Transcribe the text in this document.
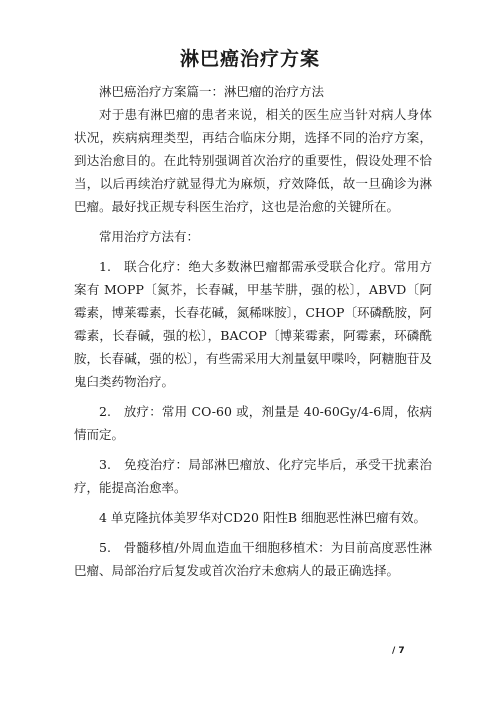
淋巴癌治疗方案

淋巴癌治疗方案篇一：淋巴瘤的治疗方法

对于患有淋巴瘤的患者来说，相关的医生应当针对病人身体状况，疾病病理类型，再结合临床分期，选择不同的治疗方案，到达治愈目的。在此特别强调首次治疗的重要性，假设处理不恰当，以后再续治疗就显得尤为麻烦，疗效降低，故一旦确诊为淋巴瘤。最好找正规专科医生治疗，这也是治愈的关键所在。

常用治疗方法有：

1.　联合化疗：绝大多数淋巴瘤都需承受联合化疗。常用方案有 MOPP〔氮芥，长春碱，甲基苄肼，强的松〕，ABVD〔阿霉素，博莱霉素，长春花碱，氮稀咪胺〕，CHOP〔环磷酰胺，阿霉素，长春碱，强的松〕，BACOP〔博莱霉素，阿霉素，环磷酰胺，长春碱，强的松〕，有些需采用大剂量氨甲喋呤，阿糖胞苷及鬼臼类药物治疗。

2.　放疗：常用 CO-60 或，剂量是 40-60Gy/4-6周，依病情而定。

3.　免疫治疗：局部淋巴瘤放、化疗完毕后，承受干扰素治疗，能提高治愈率。

4 单克隆抗体美罗华对CD20 阳性B 细胞恶性淋巴瘤有效。

5.　骨髓移植/外周血造血干细胞移植术：为目前高度恶性淋巴瘤、局部治疗后复发或首次治疗未愈病人的最正确选择。

/ 7
